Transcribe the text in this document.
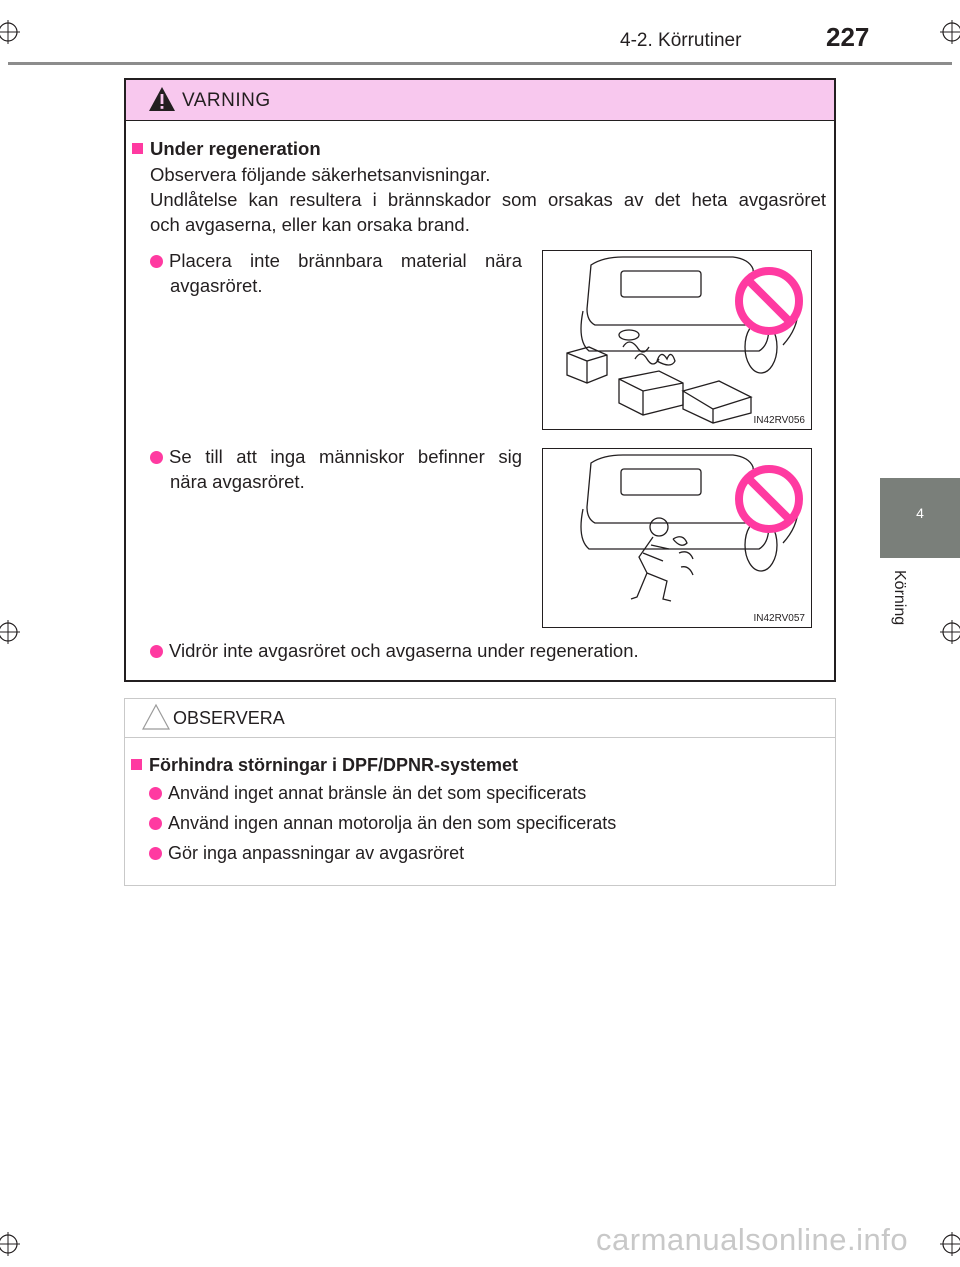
4-2. Körrutiner	227
4
Körning
VARNING
Under regeneration
Observera följande säkerhetsanvisningar.
Undlåtelse kan resultera i brännskador som orsakas av det heta avgasröret
och avgaserna, eller kan orsaka brand.
Placera inte brännbara material nära
avgasröret.
IN42RV056
Se till att inga människor befinner sig
nära avgasröret.
IN42RV057
Vidrör inte avgasröret och avgaserna under regeneration.
OBSERVERA
Förhindra störningar i DPF/DPNR-systemet
Använd inget annat bränsle än det som specificerats
Använd ingen annan motorolja än den som specificerats
Gör inga anpassningar av avgasröret
carmanualsonline.info
